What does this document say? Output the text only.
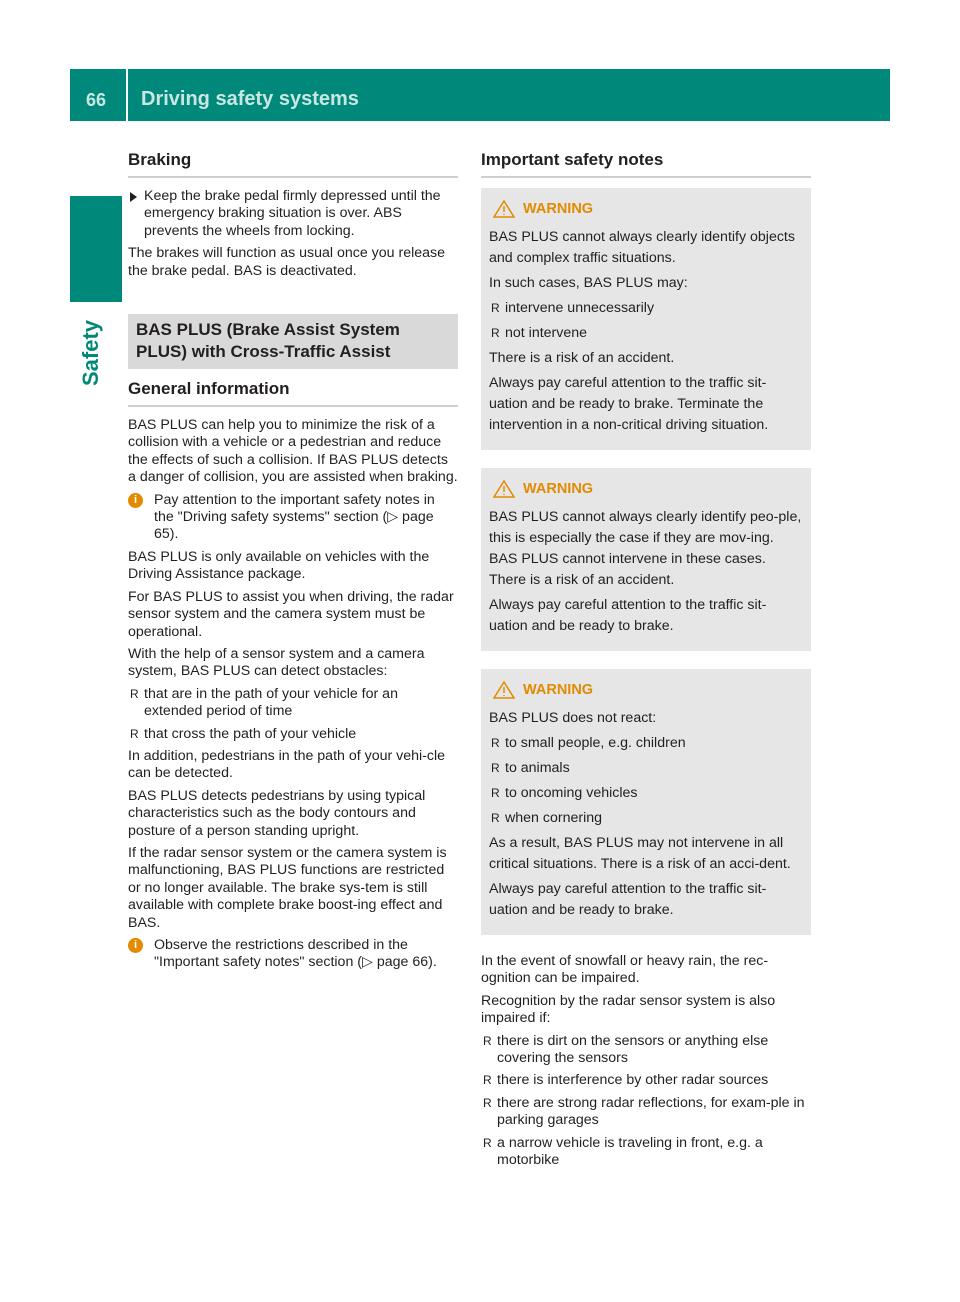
66 Driving safety systems
Safety
Braking

Keep the brake pedal firmly depressed until the emergency braking situation is over. ABS prevents the wheels from locking.

The brakes will function as usual once you release the brake pedal. BAS is deactivated.

BAS PLUS (Brake Assist System PLUS) with Cross-Traffic Assist
General information

BAS PLUS can help you to minimize the risk of a collision with a vehicle or a pedestrian and reduce the effects of such a collision. If BAS PLUS detects a danger of collision, you are assisted when braking.

i	Pay attention to the important safety notes in the "Driving safety systems" section (▷ page 65).

BAS PLUS is only available on vehicles with the Driving Assistance package.

For BAS PLUS to assist you when driving, the radar sensor system and the camera system must be operational.

With the help of a sensor system and a camera system, BAS PLUS can detect obstacles:

R that are in the path of your vehicle for an extended period of time
R that cross the path of your vehicle

In addition, pedestrians in the path of your vehi-cle can be detected.

BAS PLUS detects pedestrians by using typical characteristics such as the body contours and posture of a person standing upright.

If the radar sensor system or the camera system is malfunctioning, BAS PLUS functions are restricted or no longer available. The brake sys-tem is still available with complete brake boost-ing effect and BAS.

i	Observe the restrictions described in the "Important safety notes" section (▷ page 66).

Important safety notes
WARNING

BAS PLUS cannot always clearly identify objects and complex traffic situations.

In such cases, BAS PLUS may:

R intervene unnecessarily
R not intervene

There is a risk of an accident.

Always pay careful attention to the traffic sit-uation and be ready to brake. Terminate the intervention in a non-critical driving situation.

WARNING

BAS PLUS cannot always clearly identify peo-ple, this is especially the case if they are mov-ing. BAS PLUS cannot intervene in these cases. There is a risk of an accident.

Always pay careful attention to the traffic sit-uation and be ready to brake.

WARNING

BAS PLUS does not react:

R to small people, e.g. children
R to animals
R to oncoming vehicles
R when cornering

As a result, BAS PLUS may not intervene in all critical situations. There is a risk of an acci-dent.

Always pay careful attention to the traffic sit-uation and be ready to brake.

In the event of snowfall or heavy rain, the rec-ognition can be impaired.

Recognition by the radar sensor system is also impaired if:

R there is dirt on the sensors or anything else covering the sensors
R there is interference by other radar sources
R there are strong radar reflections, for exam-ple in parking garages
R a narrow vehicle is traveling in front, e.g. a motorbike
